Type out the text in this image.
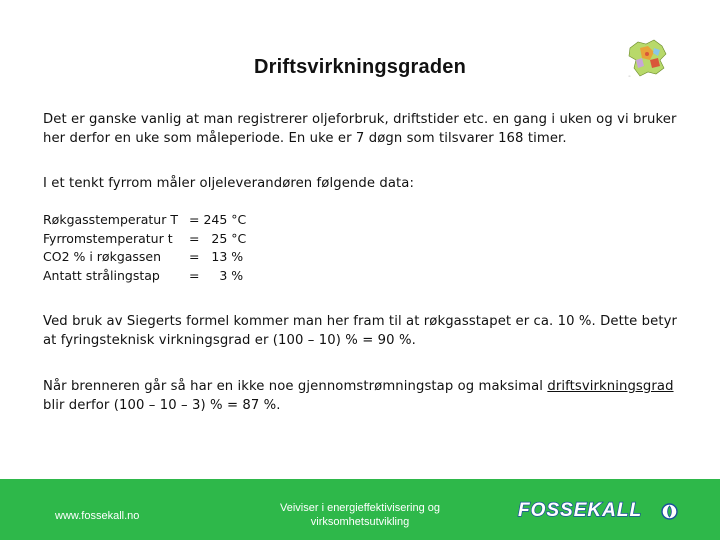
Driftsvirkningsgraden	◦
Det er ganske vanlig at man registrerer oljeforbruk, driftstider etc. en gang i uken og vi bruker her derfor en uke som måleperiode. En uke er 7 døgn som tilsvarer 168 timer.
I et tenkt fyrrom måler oljeleverandøren følgende data:
Røkgasstemperatur T = 245 °C
Fyrromstemperatur t =   25 °C
CO2 % i røkgassen =   13 %
Antatt strålingstap =     3 %
Ved bruk av Siegerts formel kommer man her fram til at røkgasstapet er ca. 10 %. Dette betyr at fyringsteknisk virkningsgrad er (100 – 10) % = 90 %.
Når brenneren går så har en ikke noe gjennomstrømningstap og maksimal driftsvirkningsgrad blir derfor (100 – 10 – 3) % = 87 %.
www.fossekall.no
Veiviser i energieffektivisering og
virksomhetsutvikling
FOSSEKALL
